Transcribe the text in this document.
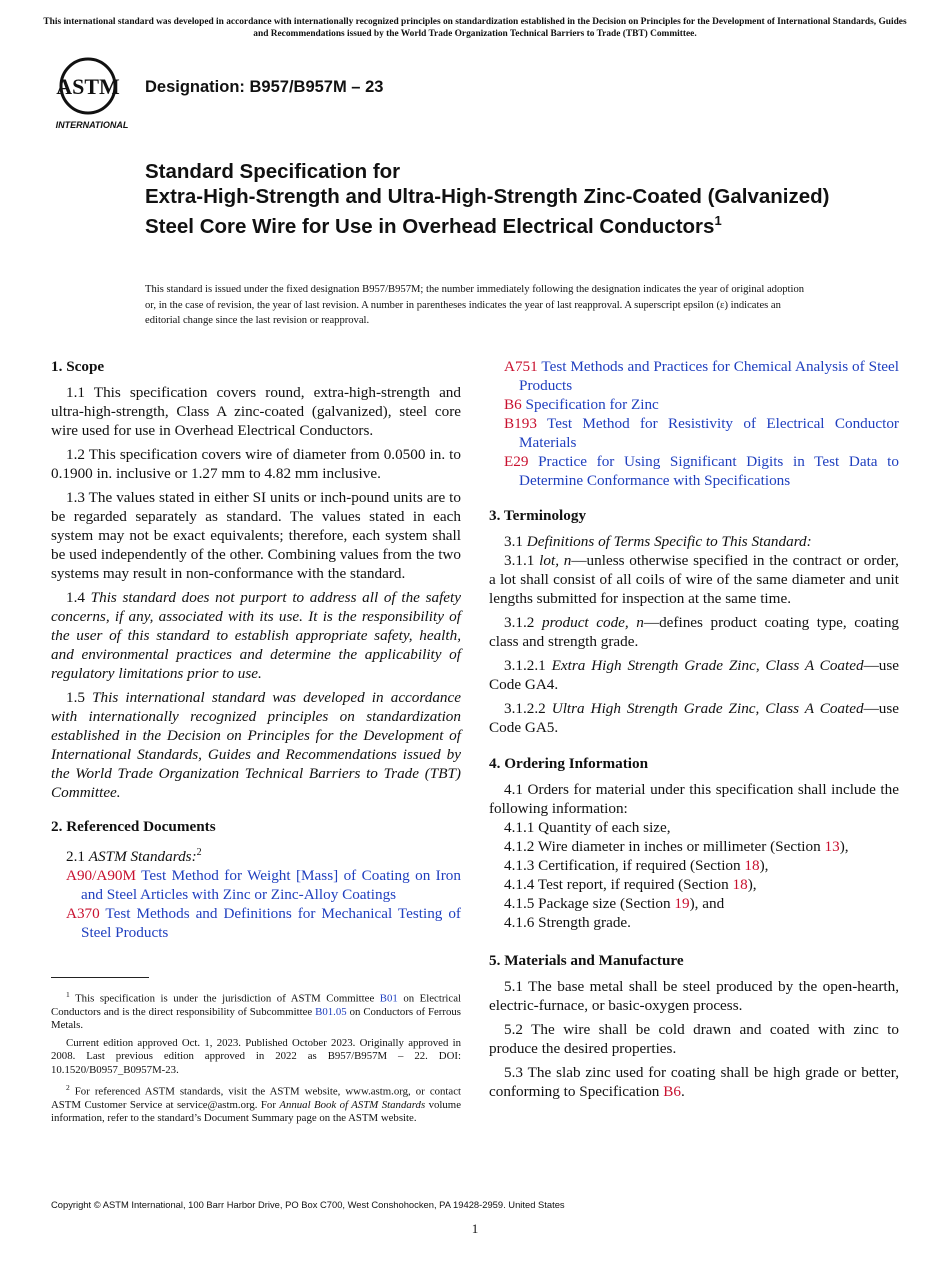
This international standard was developed in accordance with internationally recognized principles on standardization established in the Decision on Principles for the Development of International Standards, Guides and Recommendations issued by the World Trade Organization Technical Barriers to Trade (TBT) Committee.
ASTM
INTERNATIONAL
Designation: B957/B957M – 23
Standard Specification for
Extra-High-Strength and Ultra-High-Strength Zinc-Coated (Galvanized) Steel Core Wire for Use in Overhead Electrical Conductors$^1$
This standard is issued under the fixed designation B957/B957M; the number immediately following the designation indicates the year of original adoption or, in the case of revision, the year of last revision. A number in parentheses indicates the year of last reapproval. A superscript epsilon (ε) indicates an editorial change since the last revision or reapproval.
1. Scope

1.1 This specification covers round, extra-high-strength and ultra-high-strength, Class A zinc-coated (galvanized), steel core wire used for use in Overhead Electrical Conductors.

1.2 This specification covers wire of diameter from 0.0500 in. to 0.1900 in. inclusive or 1.27 mm to 4.82 mm inclusive.

1.3 The values stated in either SI units or inch-pound units are to be regarded separately as standard. The values stated in each system may not be exact equivalents; therefore, each system shall be used independently of the other. Combining values from the two systems may result in non-conformance with the standard.

1.4 This standard does not purport to address all of the safety concerns, if any, associated with its use. It is the responsibility of the user of this standard to establish appropriate safety, health, and environmental practices and determine the applicability of regulatory limitations prior to use.

1.5 This international standard was developed in accordance with internationally recognized principles on standardization established in the Decision on Principles for the Development of International Standards, Guides and Recommendations issued by the World Trade Organization Technical Barriers to Trade (TBT) Committee.

2. Referenced Documents

2.1 ASTM Standards:$^2$

A90/A90M Test Method for Weight [Mass] of Coating on Iron and Steel Articles with Zinc or Zinc-Alloy Coatings

A370 Test Methods and Definitions for Mechanical Testing of Steel Products

A751 Test Methods and Practices for Chemical Analysis of Steel Products

B6 Specification for Zinc

B193 Test Method for Resistivity of Electrical Conductor Materials

E29 Practice for Using Significant Digits in Test Data to Determine Conformance with Specifications

3. Terminology

3.1 Definitions of Terms Specific to This Standard:

3.1.1 lot, n—unless otherwise specified in the contract or order, a lot shall consist of all coils of wire of the same diameter and unit lengths submitted for inspection at the same time.

3.1.2 product code, n—defines product coating type, coating class and strength grade.

3.1.2.1 Extra High Strength Grade Zinc, Class A Coated—use Code GA4.

3.1.2.2 Ultra High Strength Grade Zinc, Class A Coated—use Code GA5.

4. Ordering Information

4.1 Orders for material under this specification shall include the following information:

4.1.1 Quantity of each size,

4.1.2 Wire diameter in inches or millimeter (Section 13),

4.1.3 Certification, if required (Section 18),

4.1.4 Test report, if required (Section 18),

4.1.5 Package size (Section 19), and

4.1.6 Strength grade.

5. Materials and Manufacture

5.1 The base metal shall be steel produced by the open-hearth, electric-furnace, or basic-oxygen process.

5.2 The wire shall be cold drawn and coated with zinc to produce the desired properties.

5.3 The slab zinc used for coating shall be high grade or better, conforming to Specification B6.

$^1$ This specification is under the jurisdiction of ASTM Committee B01 on Electrical Conductors and is the direct responsibility of Subcommittee B01.05 on Conductors of Ferrous Metals.

Current edition approved Oct. 1, 2023. Published October 2023. Originally approved in 2008. Last previous edition approved in 2022 as B957/B957M – 22. DOI: 10.1520/B0957_B0957M-23.

$^2$ For referenced ASTM standards, visit the ASTM website, www.astm.org, or contact ASTM Customer Service at service@astm.org. For Annual Book of ASTM Standards volume information, refer to the standard’s Document Summary page on the ASTM website.

Copyright © ASTM International, 100 Barr Harbor Drive, PO Box C700, West Conshohocken, PA 19428-2959. United States
1
